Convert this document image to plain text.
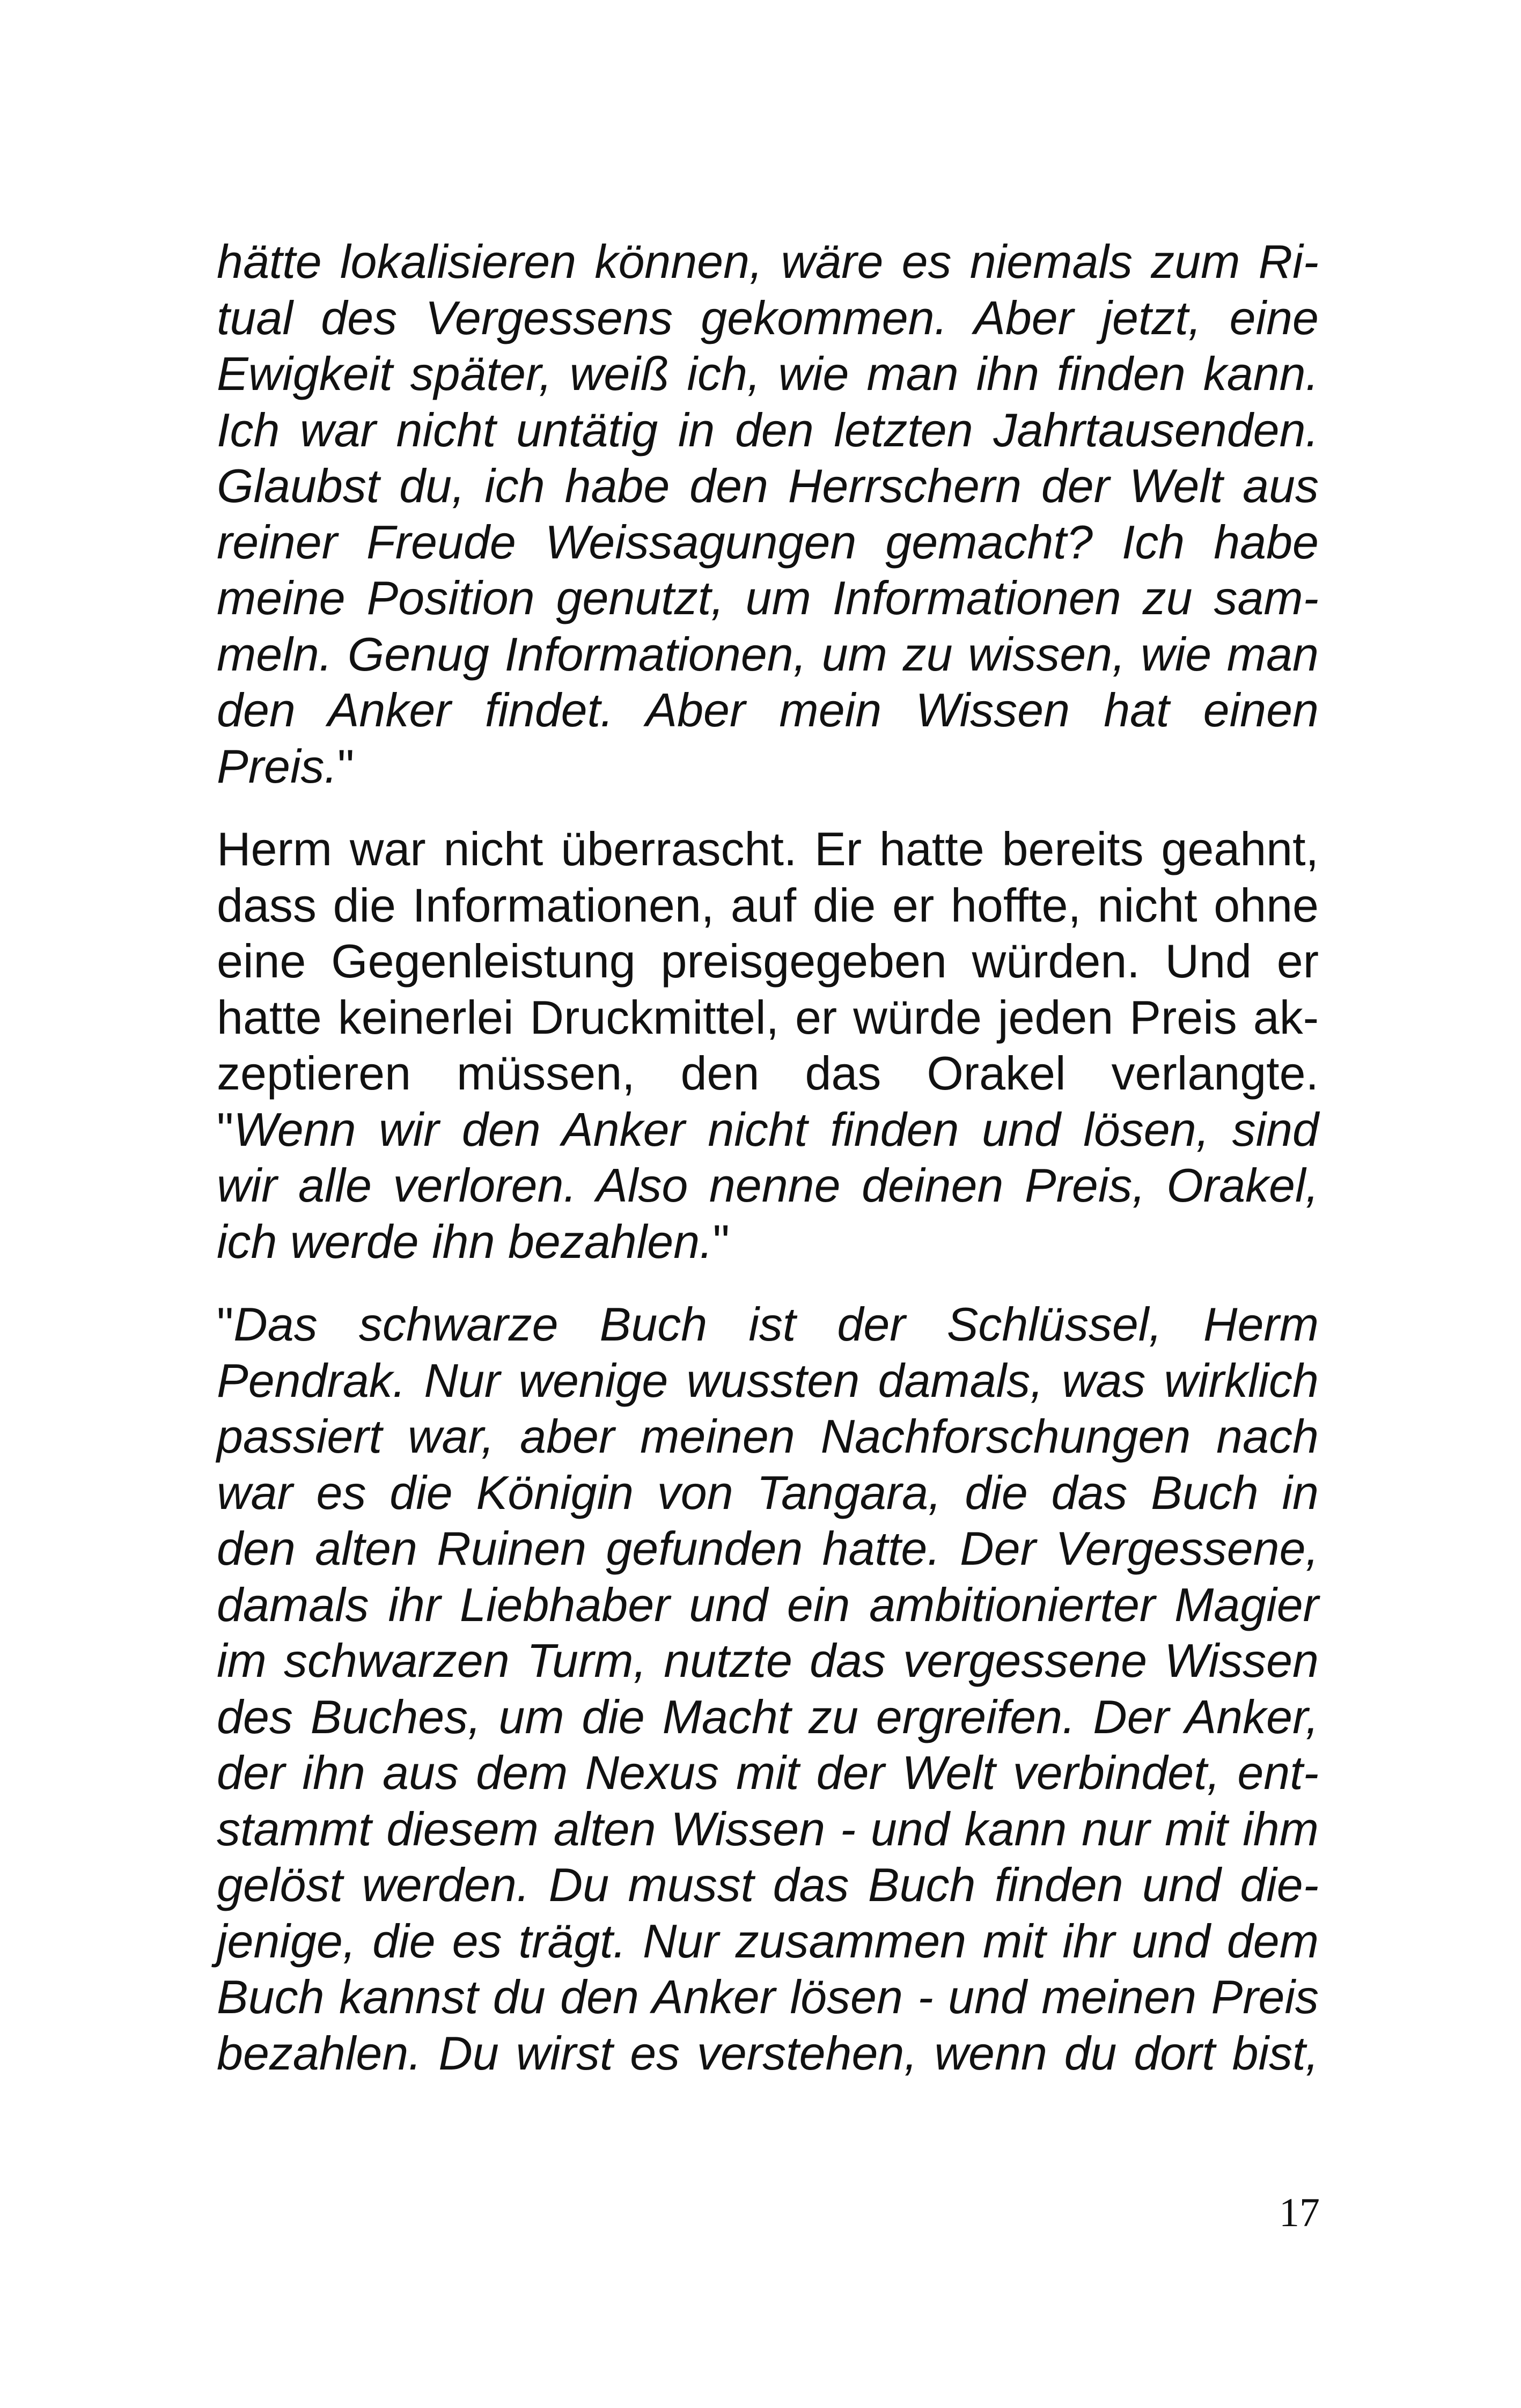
hätte lokalisieren können, wäre es niemals zum Ri-
tual des Vergessens gekommen. Aber jetzt, eine
Ewigkeit später, weiß ich, wie man ihn finden kann.
Ich war nicht untätig in den letzten Jahrtausenden.
Glaubst du, ich habe den Herrschern der Welt aus
reiner Freude Weissagungen gemacht? Ich habe
meine Position genutzt, um Informationen zu sam-
meln. Genug Informationen, um zu wissen, wie man
den Anker findet. Aber mein Wissen hat einen
Preis."
Herm war nicht überrascht. Er hatte bereits geahnt,
dass die Informationen, auf die er hoffte, nicht ohne
eine Gegenleistung preisgegeben würden. Und er
hatte keinerlei Druckmittel, er würde jeden Preis ak-
zeptieren müssen, den das Orakel verlangte.
"Wenn wir den Anker nicht finden und lösen, sind
wir alle verloren. Also nenne deinen Preis, Orakel,
ich werde ihn bezahlen."
"Das schwarze Buch ist der Schlüssel, Herm
Pendrak. Nur wenige wussten damals, was wirklich
passiert war, aber meinen Nachforschungen nach
war es die Königin von Tangara, die das Buch in
den alten Ruinen gefunden hatte. Der Vergessene,
damals ihr Liebhaber und ein ambitionierter Magier
im schwarzen Turm, nutzte das vergessene Wissen
des Buches, um die Macht zu ergreifen. Der Anker,
der ihn aus dem Nexus mit der Welt verbindet, ent-
stammt diesem alten Wissen - und kann nur mit ihm
gelöst werden. Du musst das Buch finden und die-
jenige, die es trägt. Nur zusammen mit ihr und dem
Buch kannst du den Anker lösen - und meinen Preis
bezahlen. Du wirst es verstehen, wenn du dort bist,
17
